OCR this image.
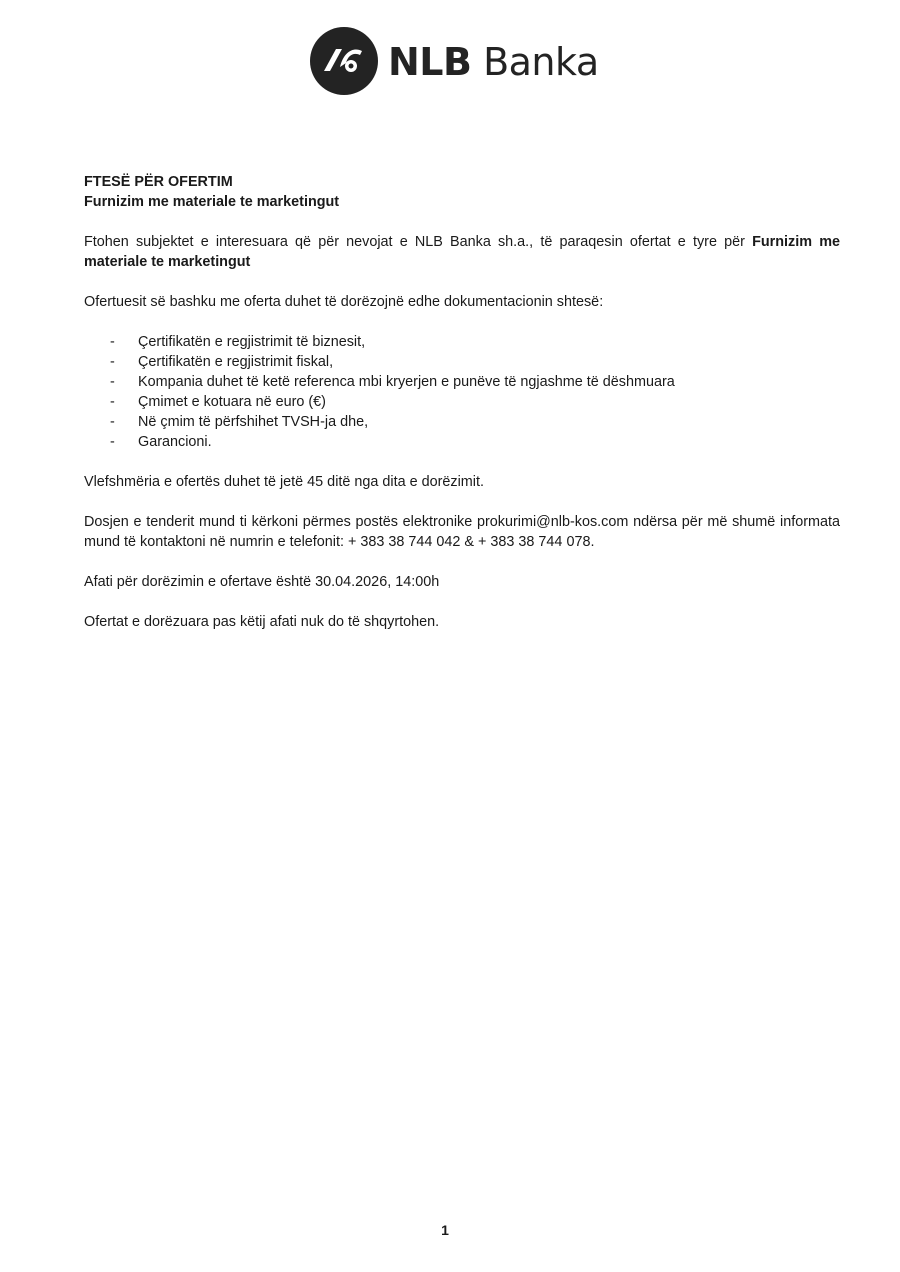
NLB Banka

FTESË PËR OFERTIM

Furnizim me materiale te marketingut

Ftohen subjektet e interesuara që për nevojat e NLB Banka sh.a., të paraqesin ofertat e tyre për Furnizim me materiale te marketingut

Ofertuesit së bashku me oferta duhet të dorëzojnë edhe dokumentacionin shtesë:

-	Çertifikatën e regjistrimit të biznesit,
-	Çertifikatën e regjistrimit fiskal,
-	Kompania duhet të ketë referenca mbi kryerjen e punëve të ngjashme të dëshmuara
-	Çmimet e kotuara në euro (€)
-	Në çmim të përfshihet TVSH-ja dhe,
-	Garancioni.

Vlefshmëria e ofertës duhet të jetë 45 ditë nga dita e dorëzimit.

Dosjen e tenderit mund ti kërkoni përmes postës elektronike prokurimi@nlb-kos.com ndërsa për më shumë informata mund të kontaktoni në numrin e telefonit: + 383 38 744 042 & + 383 38 744 078.

Afati për dorëzimin e ofertave është 30.04.2026, 14:00h

Ofertat e dorëzuara pas këtij afati nuk do të shqyrtohen.

1
